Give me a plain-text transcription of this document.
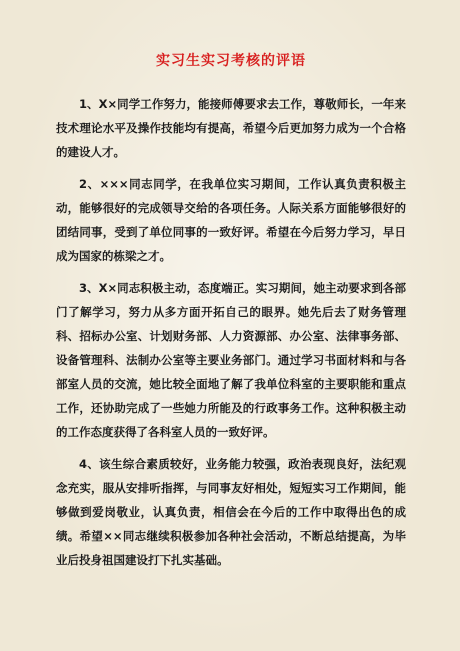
实习生实习考核的评语

1、X×同学工作努力，能接师傅要求去工作，尊敬师长，一年来技术理论水平及操作技能均有提高，希望今后更加努力成为一个合格的建设人才。

2、×××同志同学，在我单位实习期间，工作认真负责积极主动，能够很好的完成领导交给的各项任务。人际关系方面能够很好的团结同事，受到了单位同事的一致好评。希望在今后努力学习，早日成为国家的栋梁之才。

3、X×同志积极主动，态度端正。实习期间，她主动要求到各部门了解学习，努力从多方面开拓自己的眼界。她先后去了财务管理科、招标办公室、计划财务部、人力资源部、办公室、法律事务部、设备管理科、法制办公室等主要业务部门。通过学习书面材料和与各部室人员的交流，她比较全面地了解了我单位科室的主要职能和重点工作，还协助完成了一些她力所能及的行政事务工作。这种积极主动的工作态度获得了各科室人员的一致好评。

4、该生综合素质较好，业务能力较强，政治表现良好，法纪观念充实，服从安排听指挥，与同事友好相处，短短实习工作期间，能够做到爱岗敬业，认真负责，相信会在今后的工作中取得出色的成绩。希望××同志继续积极参加各种社会活动，不断总结提高，为毕业后投身祖国建设打下扎实基础。
